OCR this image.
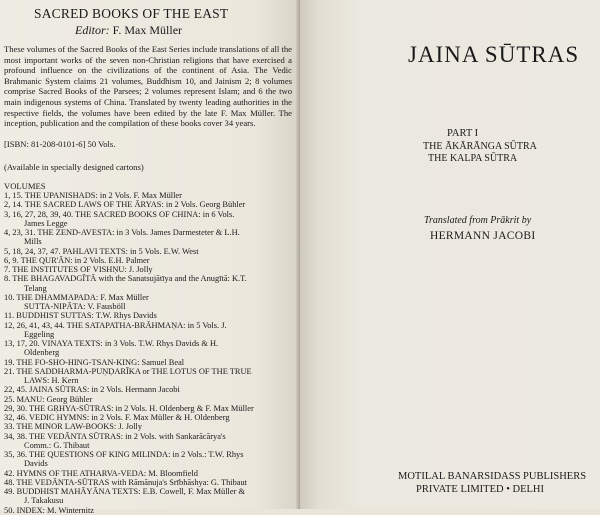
SACRED BOOKS OF THE EAST
Editor: F. Max Müller
These volumes of the Sacred Books of the East Series include translations of all the most important works of the seven non-Christian religions that have exercised a profound influence on the civilizations of the continent of Asia. The Vedic Brahmanic System claims 21 volumes, Buddhism 10, and Jainism 2; 8 volumes comprise Sacred Books of the Parsees; 2 volumes represent Islam; and 6 the two main indigenous systems of China. Translated by twenty leading authorities in the respective fields, the volumes have been edited by the late F. Max Müller. The inception, publication and the compilation of these books cover 34 years.
[ISBN: 81-208-0101-6] 50 Vols.
(Available in specially designed cartons)
VOLUMES
1, 15. THE UPANISHADS: in 2 Vols. F. Max Müller
2, 14. THE SACRED LAWS OF THE ĀRYAS: in 2 Vols. Georg Bühler
3, 16, 27, 28, 39, 40. THE SACRED BOOKS OF CHINA: in 6 Vols.
James Legge
4, 23, 31. THE ZEND-AVESTA: in 3 Vols. James Darmesteter & L.H.
Mills
5, 18, 24, 37, 47. PAHLAVI TEXTS: in 5 Vols. E.W. West
6, 9. THE QUR'ĀN: in 2 Vols. E.H. Palmer
7. THE INSTITUTES OF VISHṆU: J. Jolly
8. THE BHAGAVADGĪTĀ with the Sanatsujātīya and the Anugītā: K.T.
Telang
10. THE DHAMMAPADA: F. Max Müller
SUTTA-NIPĀTA: V. Fausböll
11. BUDDHIST SUTTAS: T.W. Rhys Davids
12, 26, 41, 43, 44. THE SATAPATHA-BRĀHMAṆA: in 5 Vols. J.
Eggeling
13, 17, 20. VINAYA TEXTS: in 3 Vols. T.W. Rhys Davids & H.
Oldenberg
19. THE FO-SHO-HING-TSAN-KING: Samuel Beal
21. THE SADDHARMA-PUṆḌARĪKA or THE LOTUS OF THE TRUE
LAWS: H. Kern
22, 45. JAINA SŪTRAS: in 2 Vols. Hermann Jacobi
25. MANU: Georg Bühler
29, 30. THE GṚHYA-SŪTRAS: in 2 Vols. H. Oldenberg & F. Max Müller
32, 46. VEDIC HYMNS: in 2 Vols. F. Max Müller & H. Oldenberg
33. THE MINOR LAW-BOOKS: J. Jolly
34, 38. THE VEDĀNTA SŪTRAS: in 2 Vols. with Sankarācārya's
Comm.: G. Thibaut
35, 36. THE QUESTIONS OF KING MILINDA: in 2 Vols.: T.W. Rhys
Davids
42. HYMNS OF THE ATHARVA-VEDA: M. Bloomfield
48. THE VEDĀNTA-SŪTRAS with Rāmānuja's Srībhāshya: G. Thibaut
49. BUDDHIST MAHĀYĀNA TEXTS: E.B. Cowell, F. Max Müller &
J. Takakusu
50. INDEX: M. Winternitz

JAINA SŪTRAS
PART I
THE ĀKĀRĀNGA SŪTRA
THE KALPA SŪTRA
Translated from Prākrit by
HERMANN JACOBI
MOTILAL BANARSIDASS PUBLISHERS
PRIVATE LIMITED • DELHI
